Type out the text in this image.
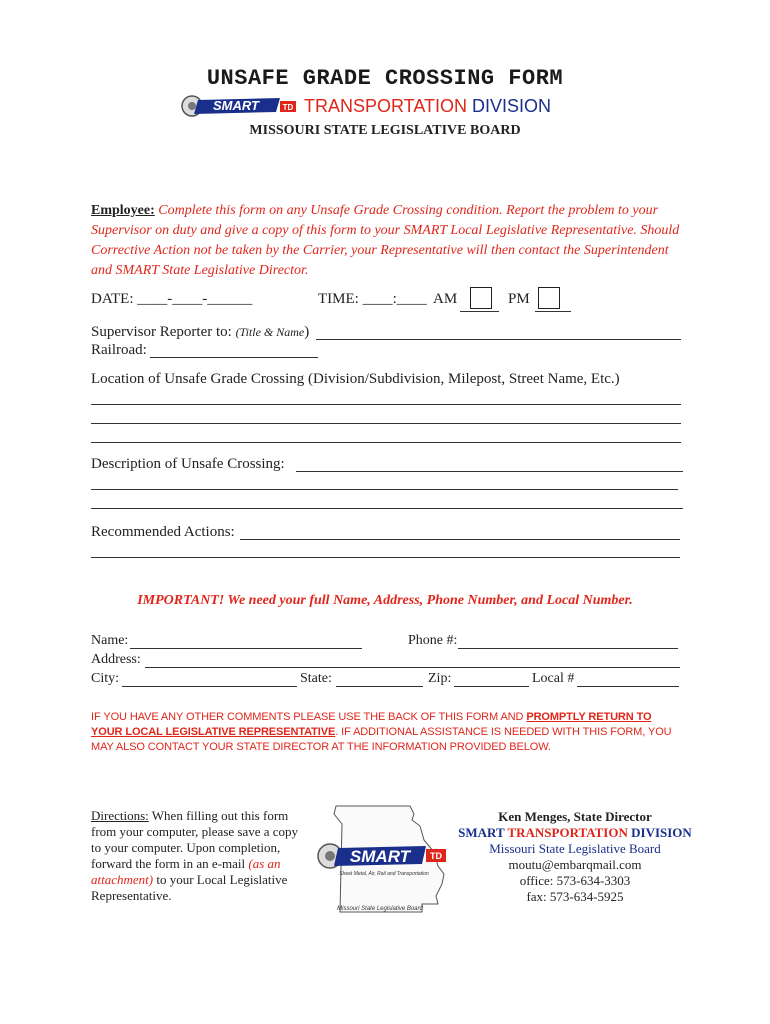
UNSAFE GRADE CROSSING FORM
SMART	TD TRANSPORTATION DIVISION
MISSOURI STATE LEGISLATIVE BOARD
Employee: Complete this form on any Unsafe Grade Crossing condition. Report the problem to your Supervisor on duty and give a copy of this form to your SMART Local Legislative Representative. Should Corrective Action not be taken by the Carrier, your Representative will then contact the Superintendent and SMART State Legislative Director.
DATE: ____-____-______	TIME: ____:____ AM	PM
Supervisor Reporter to: (Title & Name)
Railroad:
Location of Unsafe Grade Crossing (Division/Subdivision, Milepost, Street Name, Etc.)
Description of Unsafe Crossing:
Recommended Actions:
IMPORTANT! We need your full Name, Address, Phone Number, and Local Number.
Name:	Phone #:
Address:
City:	State:	Zip:	Local #
IF YOU HAVE ANY OTHER COMMENTS PLEASE USE THE BACK OF THIS FORM AND PROMPTLY RETURN TO YOUR LOCAL LEGISLATIVE REPRESENTATIVE. IF ADDITIONAL ASSISTANCE IS NEEDED WITH THIS FORM, YOU MAY ALSO CONTACT YOUR STATE DIRECTOR AT THE INFORMATION PROVIDED BELOW.
Directions: When filling out this form from your computer, please save a copy to your computer. Upon completion, forward the form in an e-mail (as an attachment) to your Local Legislative Representative.
SMART TD
Sheet Metal, Air, Rail and Transportation
Missouri State Legislative Board
Ken Menges, State Director
SMART TRANSPORTATION DIVISION
Missouri State Legislative Board
moutu@embarqmail.com
office: 573-634-3303
fax: 573-634-5925
